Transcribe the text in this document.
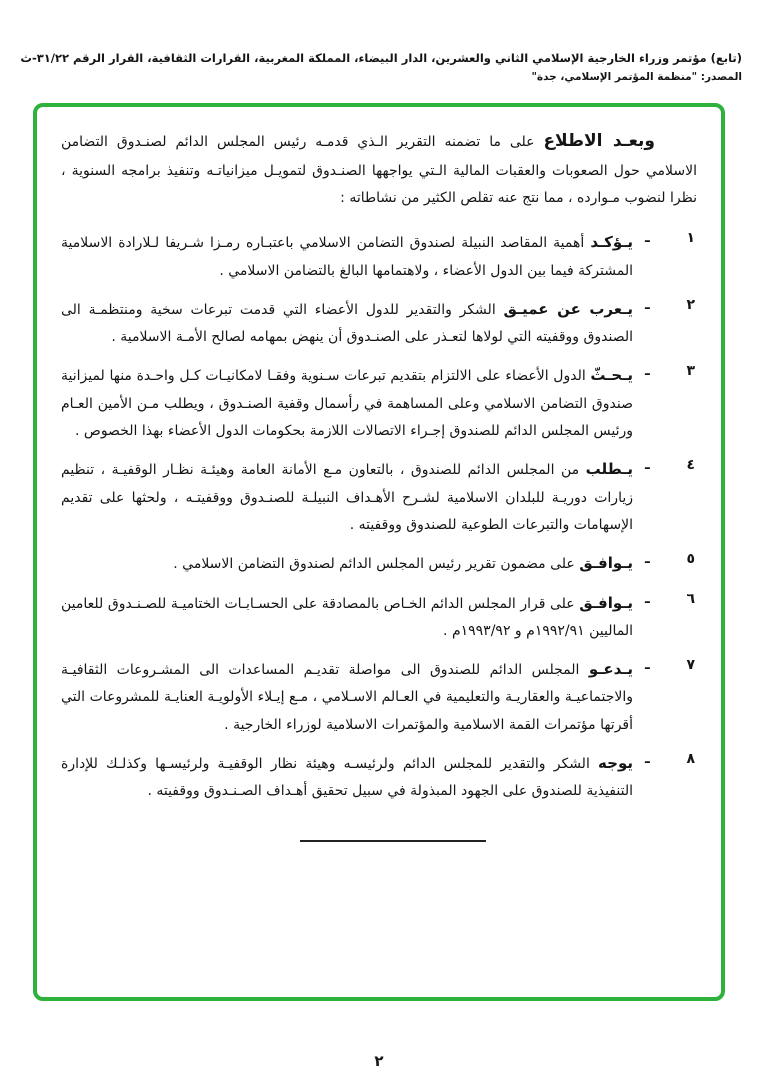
(تابع) مؤتمر وزراء الخارجية الإسلامي الثاني والعشرين، الدار البيضاء، المملكة المغربية، القرارات الثقافية، القرار الرقم ٣١/٢٢-ث
المصدر: "منظمة المؤتمر الإسلامي، جدة"

وبعـد الاطلاع على ما تضمنه التقرير الـذي قدمـه رئيس المجلس الدائم لصنـدوق التضامن الاسلامي حول الصعوبات والعقبات المالية الـتي يواجهها الصنـدوق لتمويـل ميزانياتـه وتنفيذ برامجه السنوية ، نظرا لنضوب مـوارده ، مما نتج عنه تقلص الكثير من نشاطاته :

١
ـ

يـؤكـد أهمية المقاصد النبيلة لصندوق التضامن الاسلامي باعتبـاره رمـزا شـريفا لـلارادة الاسلامية المشتركة فيما بين الدول الأعضاء ، ولاهتمامها البالغ بالتضامن الاسلامي .

٢
ـ

يـعرب عن عميـق الشكر والتقدير للدول الأعضاء التي قدمت تبرعات سخية ومنتظمـة الى الصندوق ووقفيته التي لولاها لتعـذر على الصنـدوق أن ينهض بمهامه لصالح الأمـة الاسلامية .

٣
ـ

يـحـثّ الدول الأعضاء على الالتزام بتقديم تبرعات سـنوية وفقـا لامكانيـات كـل واحـدة منها لميزانية صندوق التضامن الاسلامي وعلى المساهمة في رأسمال وقفية الصنـدوق ، ويطلب مـن الأمين العـام ورئيس المجلس الدائم للصندوق إجـراء الاتصالات اللازمة بحكومات الدول الأعضاء بهذا الخصوص .

٤
ـ

يـطلب من المجلس الدائم للصندوق ، بالتعاون مـع الأمانة العامة وهيئـة نظـار الوقفيـة ، تنظيم زيارات دوريـة للبلدان الاسلامية لشـرح الأهـداف النبيلـة للصنـدوق ووقفيتـه ، ولحثها على تقديم الإسهامات والتبرعات الطوعية للصندوق ووقفيته .

٥
ـ

يـوافـق على مضمون تقرير رئيس المجلس الدائم لصندوق التضامن الاسلامي .

٦
ـ

يـوافـق على قرار المجلس الدائم الخـاص بالمصادقة على الحسـابـات الختاميـة للصـنـدوق للعامين الماليين ١٩٩٢/٩١م و ١٩٩٣/٩٢م .

٧
ـ

يـدعـو المجلس الدائم للصندوق الى مواصلة تقديـم المساعدات الى المشـروعات الثقافيـة والاجتماعيـة والعقاريـة والتعليمية في العـالم الاسـلامي ، مـع إيـلاء الأولويـة العنايـة للمشروعات التي أقرتها مؤتمرات القمة الاسلامية والمؤتمرات الاسلامية لوزراء الخارجية .

٨
ـ

يوجه الشكر والتقدير للمجلس الدائم ولرئيسـه وهيئة نظار الوقفيـة ولرئيسـها وكذلـك للإدارة التنفيذية للصندوق على الجهود المبذولة في سبيل تحقيق أهـداف الصـنـدوق ووقفيته .

٢
